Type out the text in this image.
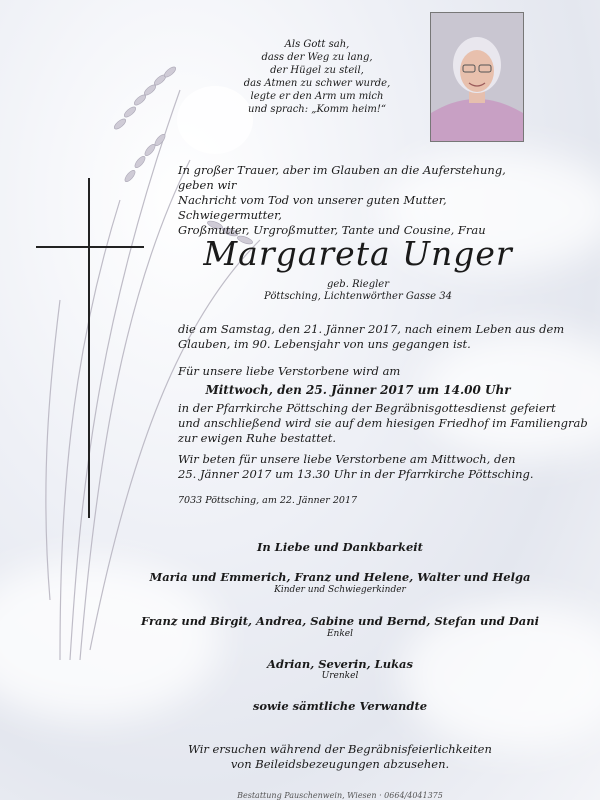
Als Gott sah,
dass der Weg zu lang,
der Hügel zu steil,
das Atmen zu schwer wurde,
legte er den Arm um mich
und sprach: „Komm heim!“
In großer Trauer, aber im Glauben an die Auferstehung, geben wir
Nachricht vom Tod von unserer guten Mutter, Schwiegermutter,
Großmutter, Urgroßmutter, Tante und Cousine, Frau
Margareta Unger
geb. Riegler
Pöttsching, Lichtenwörther Gasse 34
die am Samstag, den 21. Jänner 2017, nach einem Leben aus dem
Glauben, im 90. Lebensjahr von uns gegangen ist.
Für unsere liebe Verstorbene wird am
Mittwoch, den 25. Jänner 2017 um 14.00 Uhr
in der Pfarrkirche Pöttsching der Begräbnisgottesdienst gefeiert
und anschließend wird sie auf dem hiesigen Friedhof im Familiengrab
zur ewigen Ruhe bestattet.
Wir beten für unsere liebe Verstorbene am Mittwoch, den
25. Jänner 2017 um 13.30 Uhr in der Pfarrkirche Pöttsching.
7033 Pöttsching, am 22. Jänner 2017
In Liebe und Dankbarkeit
Maria und Emmerich, Franz und Helene, Walter und Helga
Kinder und Schwiegerkinder
Franz und Birgit, Andrea, Sabine und Bernd, Stefan und Dani
Enkel
Adrian, Severin, Lukas
Urenkel
sowie sämtliche Verwandte
Wir ersuchen während der Begräbnisfeierlichkeiten
von Beileidsbezeugungen abzusehen.
Bestattung Pauschenwein, Wiesen · 0664/4041375
